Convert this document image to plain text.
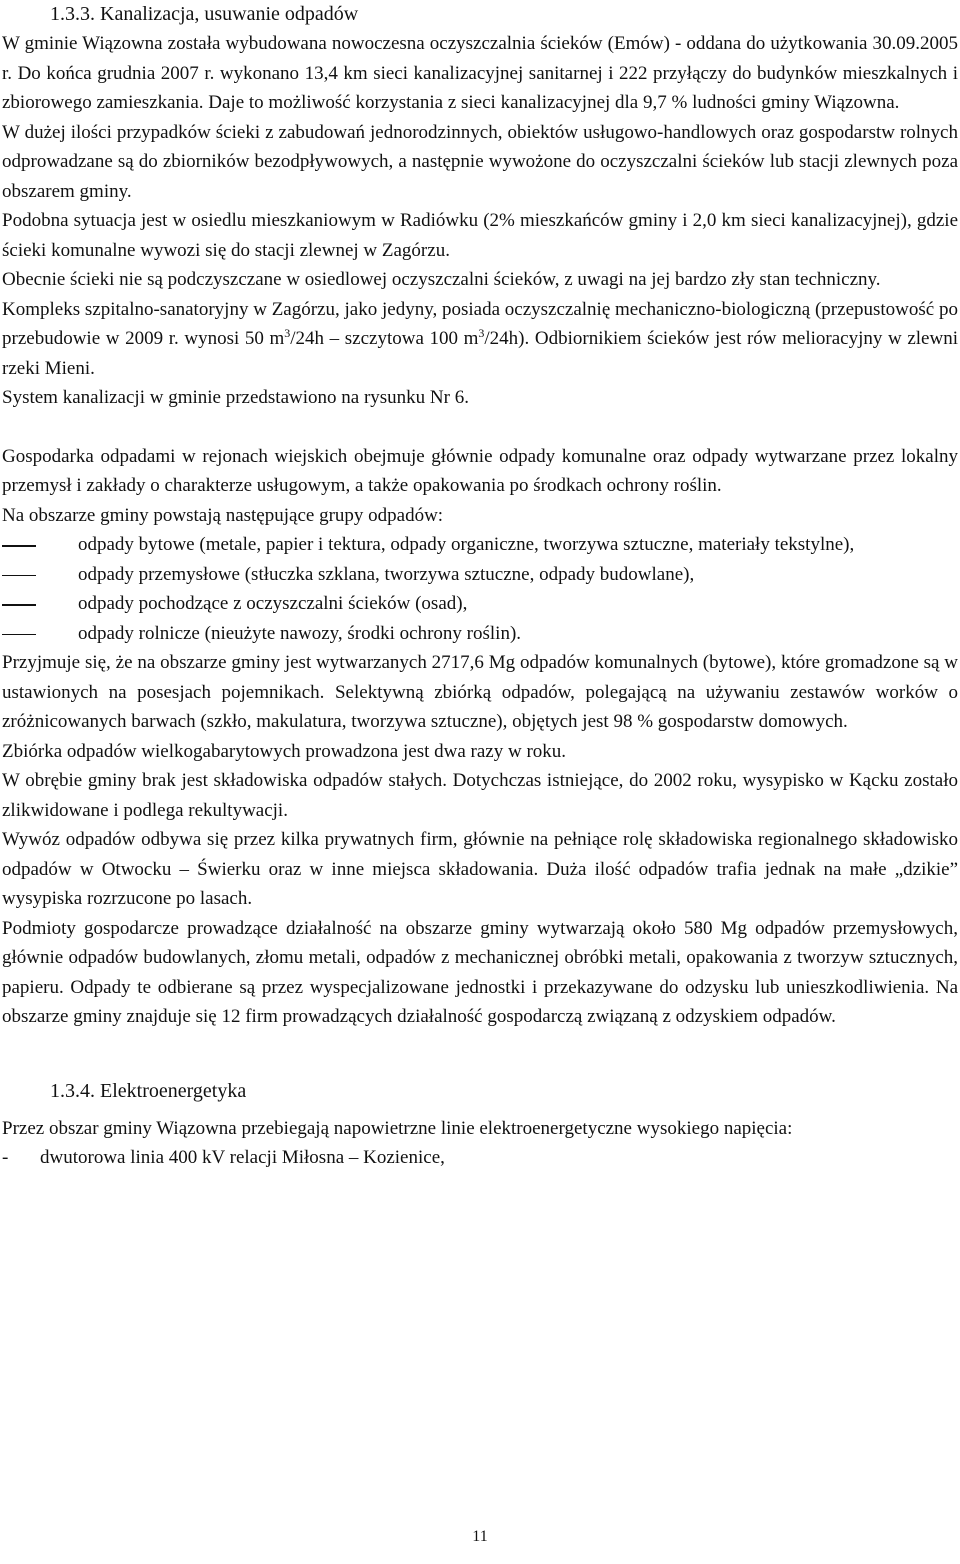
1.3.3. Kanalizacja, usuwanie odpadów

W gminie Wiązowna została wybudowana nowoczesna oczyszczalnia ścieków (Emów) - oddana do użytkowania 30.09.2005 r. Do końca grudnia 2007 r. wykonano 13,4 km sieci kanalizacyjnej sanitarnej i 222 przyłączy do budynków mieszkalnych i zbiorowego zamieszkania. Daje to możliwość korzystania z sieci kanalizacyjnej dla 9,7 % ludności gminy Wiązowna.

W dużej ilości przypadków ścieki z zabudowań jednorodzinnych, obiektów usługowo-handlowych oraz gospodarstw rolnych odprowadzane są do zbiorników bezodpływowych, a następnie wywożone do oczyszczalni ścieków lub stacji zlewnych poza obszarem gminy.

Podobna sytuacja jest w osiedlu mieszkaniowym w Radiówku (2% mieszkańców gminy i 2,0 km sieci kanalizacyjnej), gdzie ścieki komunalne wywozi się do stacji zlewnej w Zagórzu.

Obecnie ścieki nie są podczyszczane w osiedlowej oczyszczalni ścieków, z uwagi na jej bardzo zły stan techniczny.

Kompleks szpitalno-sanatoryjny w Zagórzu, jako jedyny, posiada oczyszczalnię mechaniczno-biologiczną (przepustowość po przebudowie w 2009 r. wynosi 50 $m^3/24h$ – szczytowa 100 $m^3/24h$). Odbiornikiem ścieków jest rów melioracyjny w zlewni rzeki Mieni.

System kanalizacji w gminie przedstawiono na rysunku Nr 6.

Gospodarka odpadami w rejonach wiejskich obejmuje głównie odpady komunalne oraz odpady wytwarzane przez lokalny przemysł i zakłady o charakterze usługowym, a także opakowania po środkach ochrony roślin.

Na obszarze gminy powstają następujące grupy odpadów:

odpady bytowe (metale, papier i tektura, odpady organiczne, tworzywa sztuczne, materiały tekstylne),
odpady przemysłowe (stłuczka szklana, tworzywa sztuczne, odpady budowlane),
odpady pochodzące z oczyszczalni ścieków (osad),
odpady rolnicze (nieużyte nawozy, środki ochrony roślin).

Przyjmuje się, że na obszarze gminy jest wytwarzanych 2717,6 Mg odpadów komunalnych (bytowe), które gromadzone są w ustawionych na posesjach pojemnikach. Selektywną zbiórką odpadów, polegającą na używaniu zestawów worków o zróżnicowanych barwach (szkło, makulatura, tworzywa sztuczne), objętych jest 98 % gospodarstw domowych.

Zbiórka odpadów wielkogabarytowych prowadzona jest dwa razy w roku.

W obrębie gminy brak jest składowiska odpadów stałych. Dotychczas istniejące, do 2002 roku, wysypisko w Kącku zostało zlikwidowane i podlega rekultywacji.

Wywóz odpadów odbywa się przez kilka prywatnych firm, głównie na pełniące rolę składowiska regionalnego składowisko odpadów w Otwocku – Świerku oraz w inne miejsca składowania. Duża ilość odpadów trafia jednak na małe „dzikie” wysypiska rozrzucone po lasach.

Podmioty gospodarcze prowadzące działalność na obszarze gminy wytwarzają około 580 Mg odpadów przemysłowych, głównie odpadów budowlanych, złomu metali, odpadów z mechanicznej obróbki metali, opakowania z tworzyw sztucznych, papieru. Odpady te odbierane są przez wyspecjalizowane jednostki i przekazywane do odzysku lub unieszkodliwienia. Na obszarze gminy znajduje się 12 firm prowadzących działalność gospodarczą związaną z odzyskiem odpadów.

1.3.4. Elektroenergetyka

Przez obszar gminy Wiązowna przebiegają napowietrzne linie elektroenergetyczne wysokiego napięcia:

- dwutorowa linia 400 kV relacji Miłosna – Kozienice,
11
